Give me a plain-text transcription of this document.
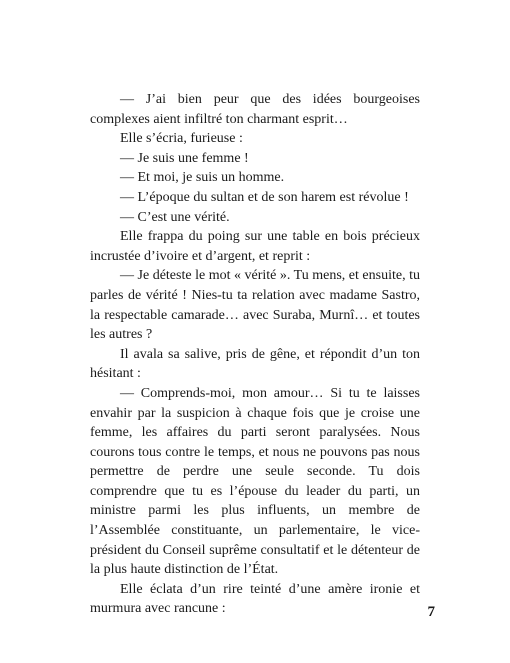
— J’ai bien peur que des idées bourgeoises complexes aient infiltré ton charmant esprit…

Elle s’écria, furieuse :

— Je suis une femme !

— Et moi, je suis un homme.

— L’époque du sultan et de son harem est révolue !

— C’est une vérité.

Elle frappa du poing sur une table en bois précieux incrustée d’ivoire et d’argent, et reprit :

— Je déteste le mot « vérité ». Tu mens, et ensuite, tu parles de vérité ! Nies-tu ta relation avec madame Sastro, la respectable camarade… avec Suraba, Murnî… et toutes les autres ?

Il avala sa salive, pris de gêne, et répondit d’un ton hésitant :

— Comprends-moi, mon amour… Si tu te laisses envahir par la suspicion à chaque fois que je croise une femme, les affaires du parti seront paralysées. Nous courons tous contre le temps, et nous ne pouvons pas nous permettre de perdre une seule seconde. Tu dois comprendre que tu es l’épouse du leader du parti, un ministre parmi les plus influents, un membre de l’Assemblée constituante, un parlementaire, le vice-président du Conseil suprême consultatif et le détenteur de la plus haute distinction de l’État.

Elle éclata d’un rire teinté d’une amère ironie et murmura avec rancune :	7
